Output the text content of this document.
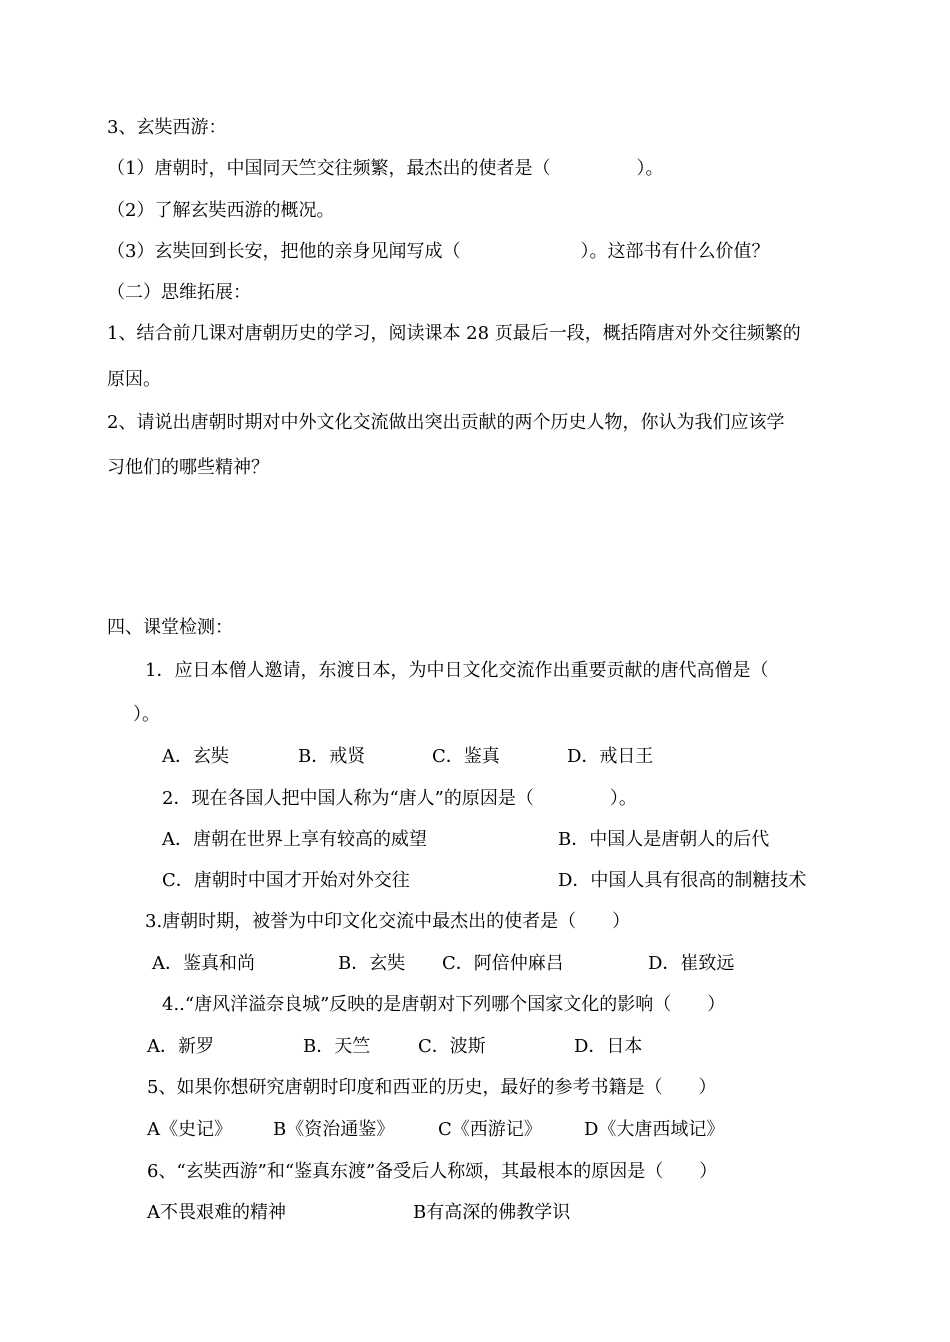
3、玄奘西游：
（1）唐朝时，中国同天竺交往频繁，最杰出的使者是（	）。
（2）了解玄奘西游的概况。
（3）玄奘回到长安，把他的亲身见闻写成（	）。这部书有什么价值？
（二）思维拓展：
1、结合前几课对唐朝历史的学习，阅读课本 28 页最后一段，概括隋唐对外交往频繁的
原因。
2、请说出唐朝时期对中外文化交流做出突出贡献的两个历史人物，你认为我们应该学
习他们的哪些精神？
四、课堂检测：
1．应日本僧人邀请，东渡日本，为中日文化交流作出重要贡献的唐代高僧是（
）。
A．玄奘	B．戒贤	C．鉴真	D．戒日王
2．现在各国人把中国人称为“唐人”的原因是（	）。
A．唐朝在世界上享有较高的威望	B．中国人是唐朝人的后代
C．唐朝时中国才开始对外交往	D．中国人具有很高的制糖技术
3.唐朝时期，被誉为中印文化交流中最杰出的使者是（　　）
A．鉴真和尚	B．玄奘 C．阿倍仲麻吕	D．崔致远
4..“唐风洋溢奈良城”反映的是唐朝对下列哪个国家文化的影响（　　）
A．新罗	B．天竺	C．波斯	D．日本
5、如果你想研究唐朝时印度和西亚的历史，最好的参考书籍是（　　）
A《史记》 B《资治通鉴》 C《西游记》 D《大唐西域记》
6、“玄奘西游”和“鉴真东渡”备受后人称颂，其最根本的原因是（　　）
A不畏艰难的精神	B有高深的佛教学识
